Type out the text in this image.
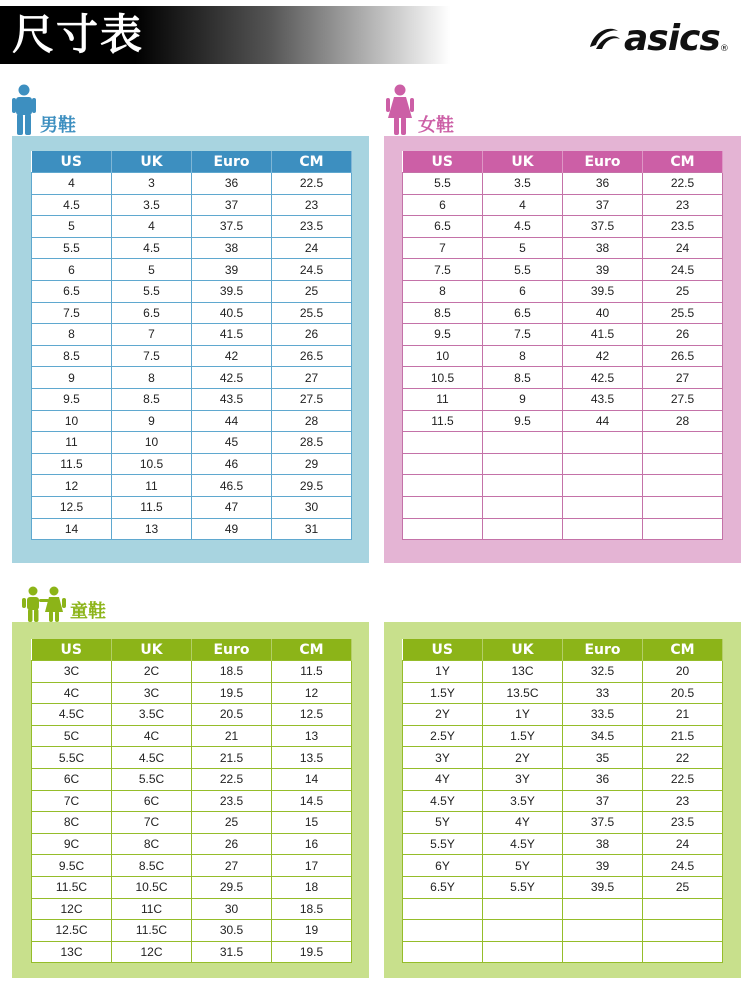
尺寸表	asics ®
男鞋	女鞋
童鞋
US	UK	Euro	CM
4	3	36	22.5
4.5	3.5	37	23
5	4	37.5	23.5
5.5	4.5	38	24
6	5	39	24.5
6.5	5.5	39.5	25
7.5	6.5	40.5	25.5
8	7	41.5	26
8.5	7.5	42	26.5
9	8	42.5	27
9.5	8.5	43.5	27.5
10	9	44	28
11	10	45	28.5
11.5	10.5	46	29
12	11	46.5	29.5
12.5	11.5	47	30
14	13	49	31
US	UK	Euro	CM
5.5	3.5	36	22.5
6	4	37	23
6.5	4.5	37.5	23.5
7	5	38	24
7.5	5.5	39	24.5
8	6	39.5	25
8.5	6.5	40	25.5
9.5	7.5	41.5	26
10	8	42	26.5
10.5	8.5	42.5	27
11	9	43.5	27.5
11.5	9.5	44	28

US	UK	Euro	CM
3C	2C	18.5	11.5
4C	3C	19.5	12
4.5C	3.5C	20.5	12.5
5C	4C	21	13
5.5C	4.5C	21.5	13.5
6C	5.5C	22.5	14
7C	6C	23.5	14.5
8C	7C	25	15
9C	8C	26	16
9.5C	8.5C	27	17
11.5C	10.5C	29.5	18
12C	11C	30	18.5
12.5C	11.5C	30.5	19
13C	12C	31.5	19.5
US	UK	Euro	CM
1Y	13C	32.5	20
1.5Y	13.5C	33	20.5
2Y	1Y	33.5	21
2.5Y	1.5Y	34.5	21.5
3Y	2Y	35	22
4Y	3Y	36	22.5
4.5Y	3.5Y	37	23
5Y	4Y	37.5	23.5
5.5Y	4.5Y	38	24
6Y	5Y	39	24.5
6.5Y	5.5Y	39.5	25
